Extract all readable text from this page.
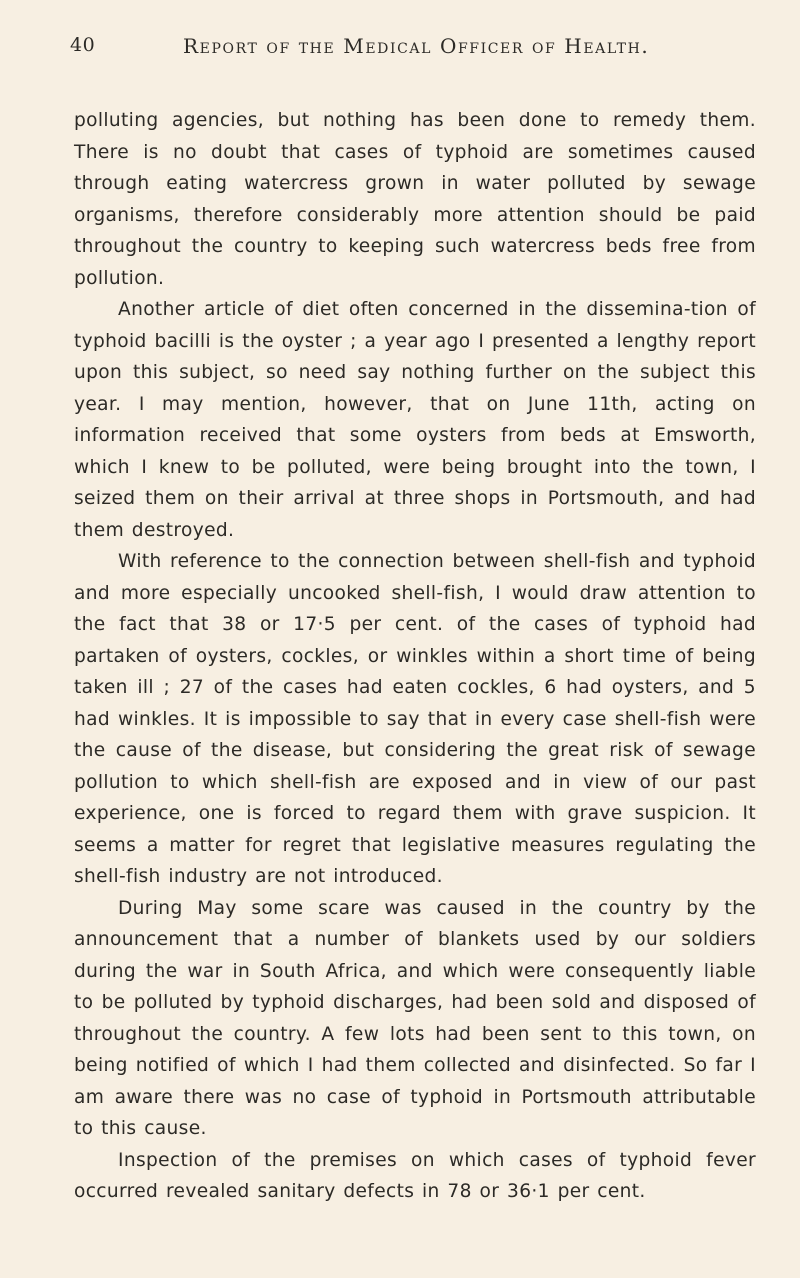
40	Report of the Medical Officer of Health.

polluting agencies, but nothing has been done to remedy them. There is no doubt that cases of typhoid are sometimes caused through eating watercress grown in water polluted by sewage organisms, therefore considerably more attention should be paid throughout the country to keeping such watercress beds free from pollution.

Another article of diet often concerned in the dissemina-tion of typhoid bacilli is the oyster ; a year ago I presented a lengthy report upon this subject, so need say nothing further on the subject this year. I may mention, however, that on June 11th, acting on information received that some oysters from beds at Emsworth, which I knew to be polluted, were being brought into the town, I seized them on their arrival at three shops in Portsmouth, and had them destroyed.

With reference to the connection between shell-fish and typhoid and more especially uncooked shell-fish, I would draw attention to the fact that 38 or 17·5 per cent. of the cases of typhoid had partaken of oysters, cockles, or winkles within a short time of being taken ill ; 27 of the cases had eaten cockles, 6 had oysters, and 5 had winkles. It is impossible to say that in every case shell-fish were the cause of the disease, but considering the great risk of sewage pollution to which shell-fish are exposed and in view of our past experience, one is forced to regard them with grave suspicion. It seems a matter for regret that legislative measures regulating the shell-fish industry are not introduced.

During May some scare was caused in the country by the announcement that a number of blankets used by our soldiers during the war in South Africa, and which were consequently liable to be polluted by typhoid discharges, had been sold and disposed of throughout the country. A few lots had been sent to this town, on being notified of which I had them collected and disinfected. So far I am aware there was no case of typhoid in Portsmouth attributable to this cause.

Inspection of the premises on which cases of typhoid fever occurred revealed sanitary defects in 78 or 36·1 per cent.
